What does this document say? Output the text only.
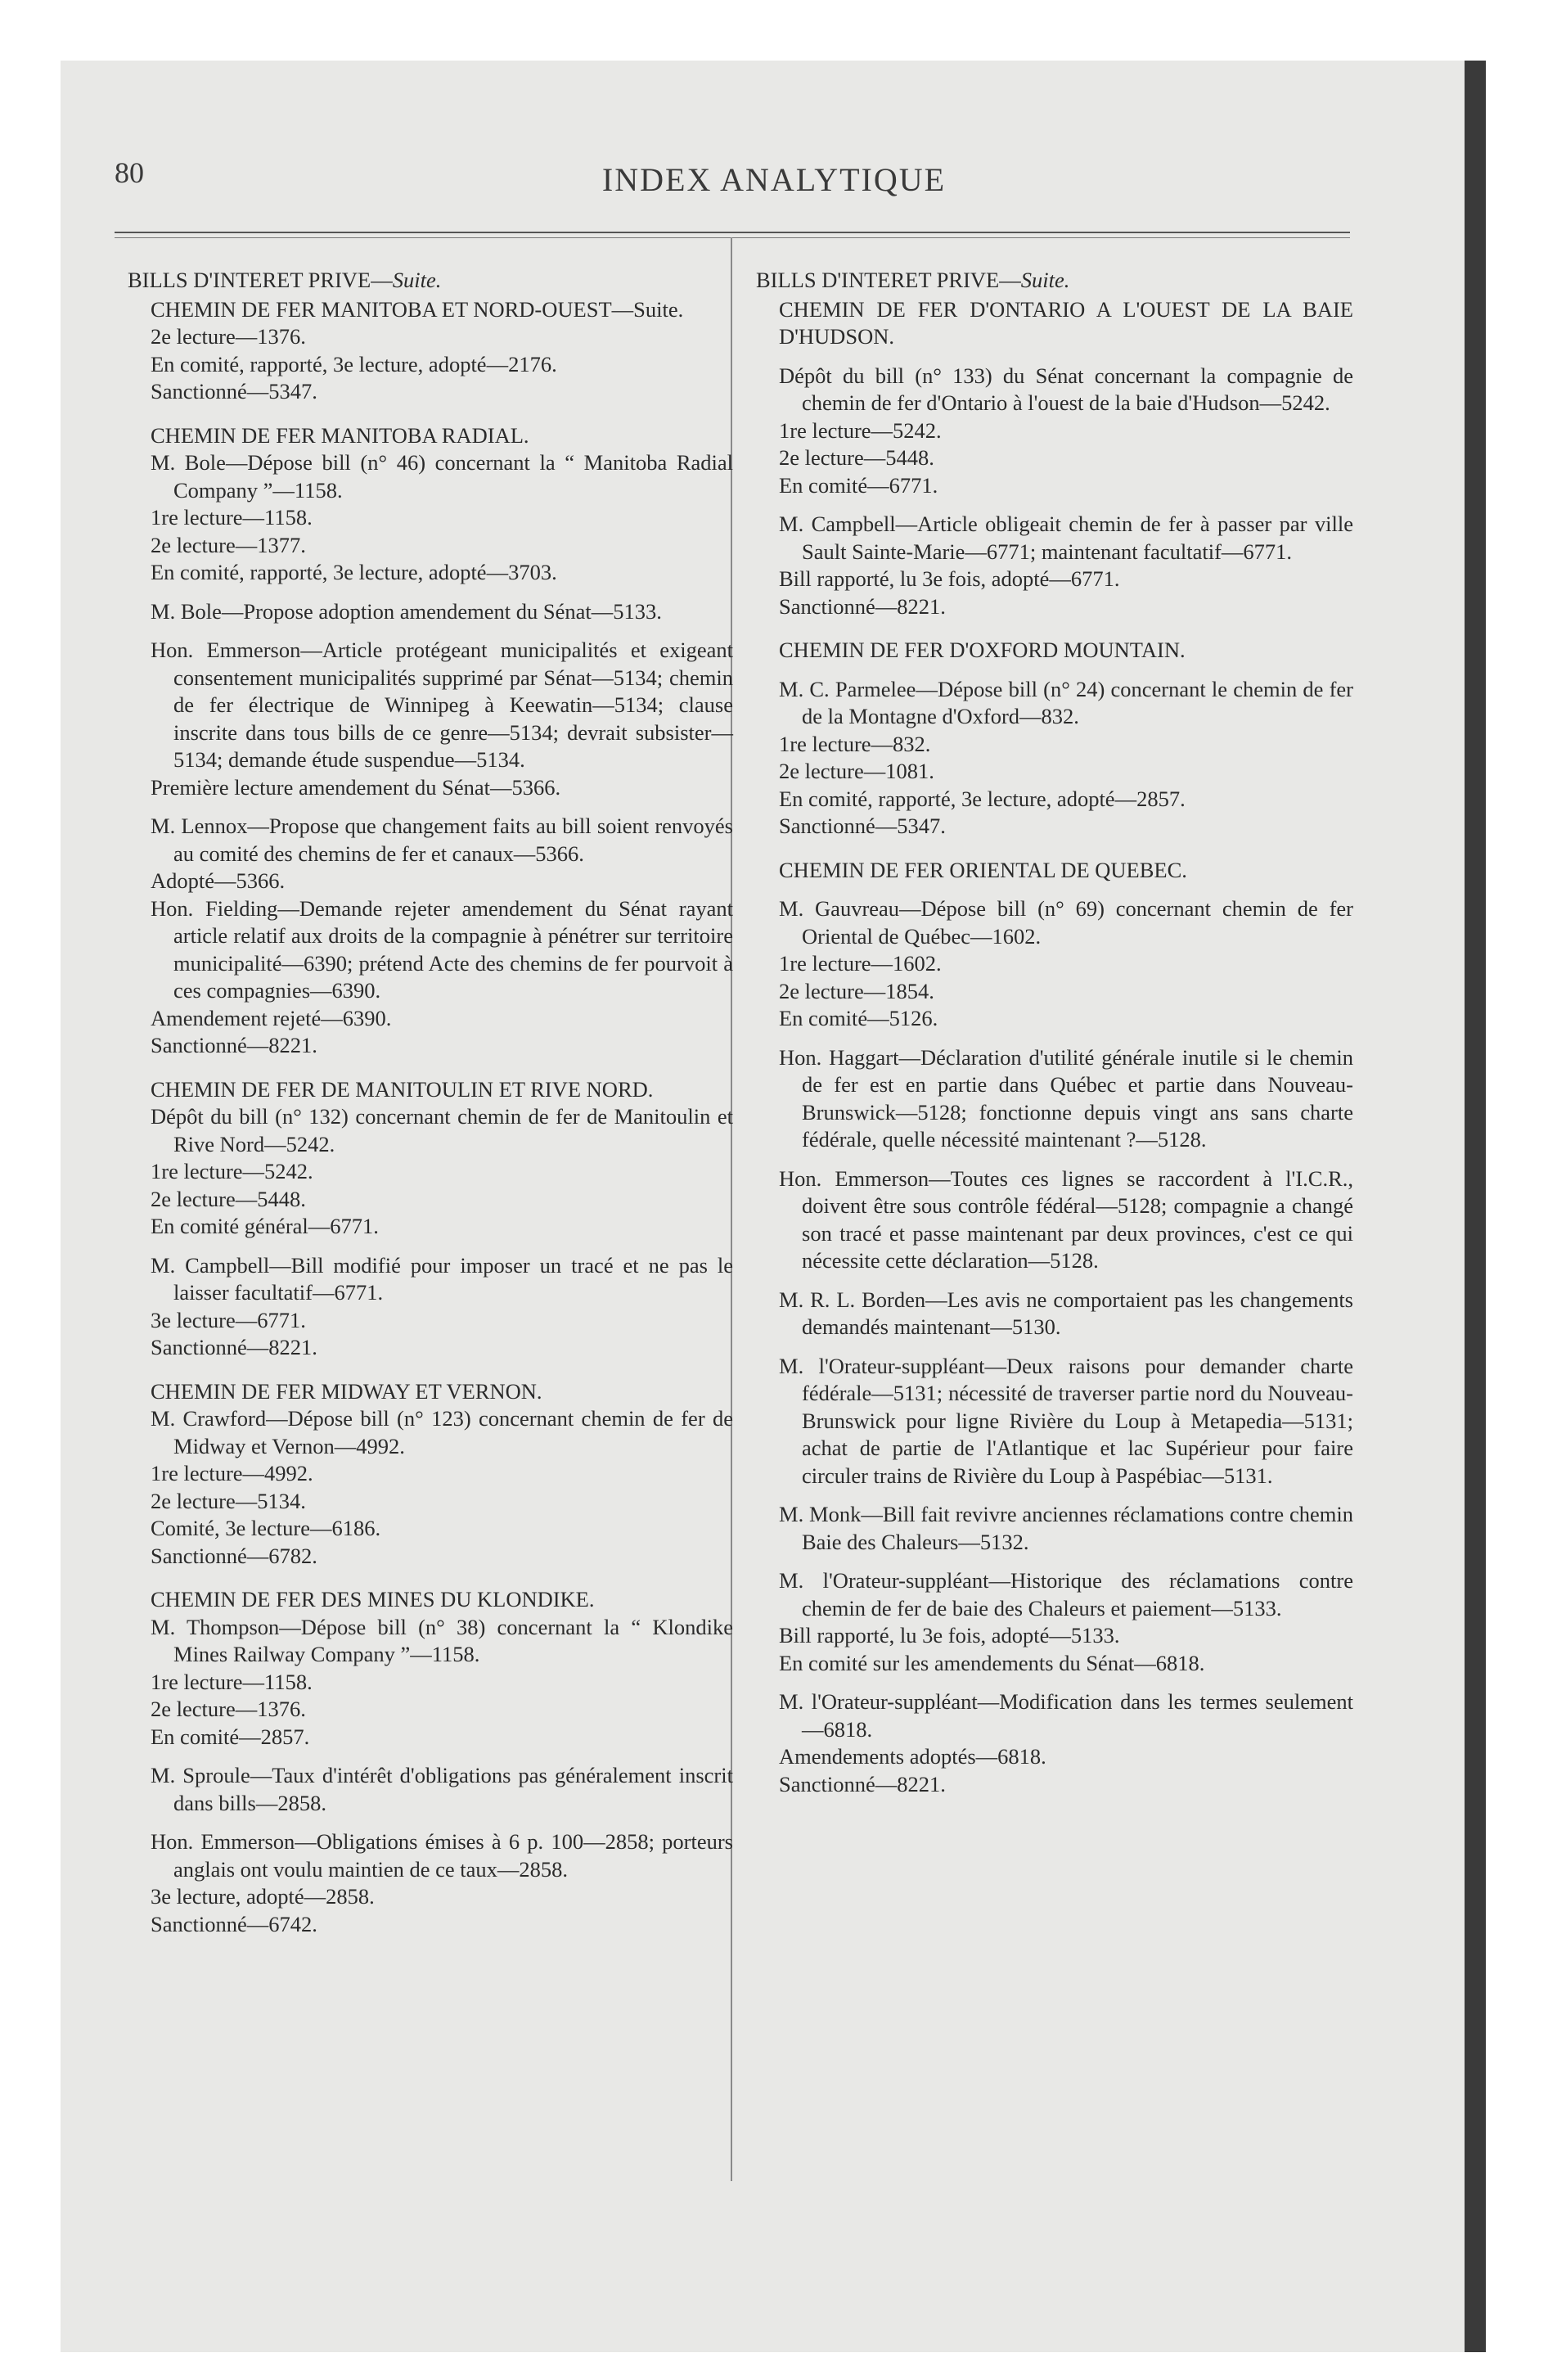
80	INDEX ANALYTIQUE

BILLS D'INTERET PRIVE—Suite.

CHEMIN DE FER MANITOBA ET NORD-OUEST—Suite.

2e lecture—1376.

En comité, rapporté, 3e lecture, adopté—2176.

Sanctionné—5347.

CHEMIN DE FER MANITOBA RADIAL.

M. Bole—Dépose bill (n° 46) concernant la “ Manitoba Radial Company ”—1158.

1re lecture—1158.

2e lecture—1377.

En comité, rapporté, 3e lecture, adopté—3703.

M. Bole—Propose adoption amendement du Sénat—5133.

Hon. Emmerson—Article protégeant municipalités et exigeant consentement municipalités supprimé par Sénat—5134; chemin de fer électrique de Winnipeg à Keewatin—5134; clause inscrite dans tous bills de ce genre—5134; devrait subsister—5134; demande étude suspendue—5134.

Première lecture amendement du Sénat—5366.

M. Lennox—Propose que changement faits au bill soient renvoyés au comité des chemins de fer et canaux—5366.

Adopté—5366.

Hon. Fielding—Demande rejeter amendement du Sénat rayant article relatif aux droits de la compagnie à pénétrer sur territoire municipalité—6390; prétend Acte des chemins de fer pourvoit à ces compagnies—6390.

Amendement rejeté—6390.

Sanctionné—8221.

CHEMIN DE FER DE MANITOULIN ET RIVE NORD.

Dépôt du bill (n° 132) concernant chemin de fer de Manitoulin et Rive Nord—5242.

1re lecture—5242.

2e lecture—5448.

En comité général—6771.

M. Campbell—Bill modifié pour imposer un tracé et ne pas le laisser facultatif—6771.

3e lecture—6771.

Sanctionné—8221.

CHEMIN DE FER MIDWAY ET VERNON.

M. Crawford—Dépose bill (n° 123) concernant chemin de fer de Midway et Vernon—4992.

1re lecture—4992.

2e lecture—5134.

Comité, 3e lecture—6186.

Sanctionné—6782.

CHEMIN DE FER DES MINES DU KLONDIKE.

M. Thompson—Dépose bill (n° 38) concernant la “ Klondike Mines Railway Company ”—1158.

1re lecture—1158.

2e lecture—1376.

En comité—2857.

M. Sproule—Taux d'intérêt d'obligations pas généralement inscrit dans bills—2858.

Hon. Emmerson—Obligations émises à 6 p. 100—2858; porteurs anglais ont voulu maintien de ce taux—2858.

3e lecture, adopté—2858.

Sanctionné—6742.

BILLS D'INTERET PRIVE—Suite.

CHEMIN DE FER D'ONTARIO A L'OUEST DE LA BAIE D'HUDSON.

Dépôt du bill (n° 133) du Sénat concernant la compagnie de chemin de fer d'Ontario à l'ouest de la baie d'Hudson—5242.

1re lecture—5242.

2e lecture—5448.

En comité—6771.

M. Campbell—Article obligeait chemin de fer à passer par ville Sault Sainte-Marie—6771; maintenant facultatif—6771.

Bill rapporté, lu 3e fois, adopté—6771.

Sanctionné—8221.

CHEMIN DE FER D'OXFORD MOUNTAIN.

M. C. Parmelee—Dépose bill (n° 24) concernant le chemin de fer de la Montagne d'Oxford—832.

1re lecture—832.

2e lecture—1081.

En comité, rapporté, 3e lecture, adopté—2857.

Sanctionné—5347.

CHEMIN DE FER ORIENTAL DE QUEBEC.

M. Gauvreau—Dépose bill (n° 69) concernant chemin de fer Oriental de Québec—1602.

1re lecture—1602.

2e lecture—1854.

En comité—5126.

Hon. Haggart—Déclaration d'utilité générale inutile si le chemin de fer est en partie dans Québec et partie dans Nouveau-Brunswick—5128; fonctionne depuis vingt ans sans charte fédérale, quelle nécessité maintenant ?—5128.

Hon. Emmerson—Toutes ces lignes se raccordent à l'I.C.R., doivent être sous contrôle fédéral—5128; compagnie a changé son tracé et passe maintenant par deux provinces, c'est ce qui nécessite cette déclaration—5128.

M. R. L. Borden—Les avis ne comportaient pas les changements demandés maintenant—5130.

M. l'Orateur-suppléant—Deux raisons pour demander charte fédérale—5131; nécessité de traverser partie nord du Nouveau-Brunswick pour ligne Rivière du Loup à Metapedia—5131; achat de partie de l'Atlantique et lac Supérieur pour faire circuler trains de Rivière du Loup à Paspébiac—5131.

M. Monk—Bill fait revivre anciennes réclamations contre chemin Baie des Chaleurs—5132.

M. l'Orateur-suppléant—Historique des réclamations contre chemin de fer de baie des Chaleurs et paiement—5133.

Bill rapporté, lu 3e fois, adopté—5133.

En comité sur les amendements du Sénat—6818.

M. l'Orateur-suppléant—Modification dans les termes seulement—6818.

Amendements adoptés—6818.

Sanctionné—8221.
